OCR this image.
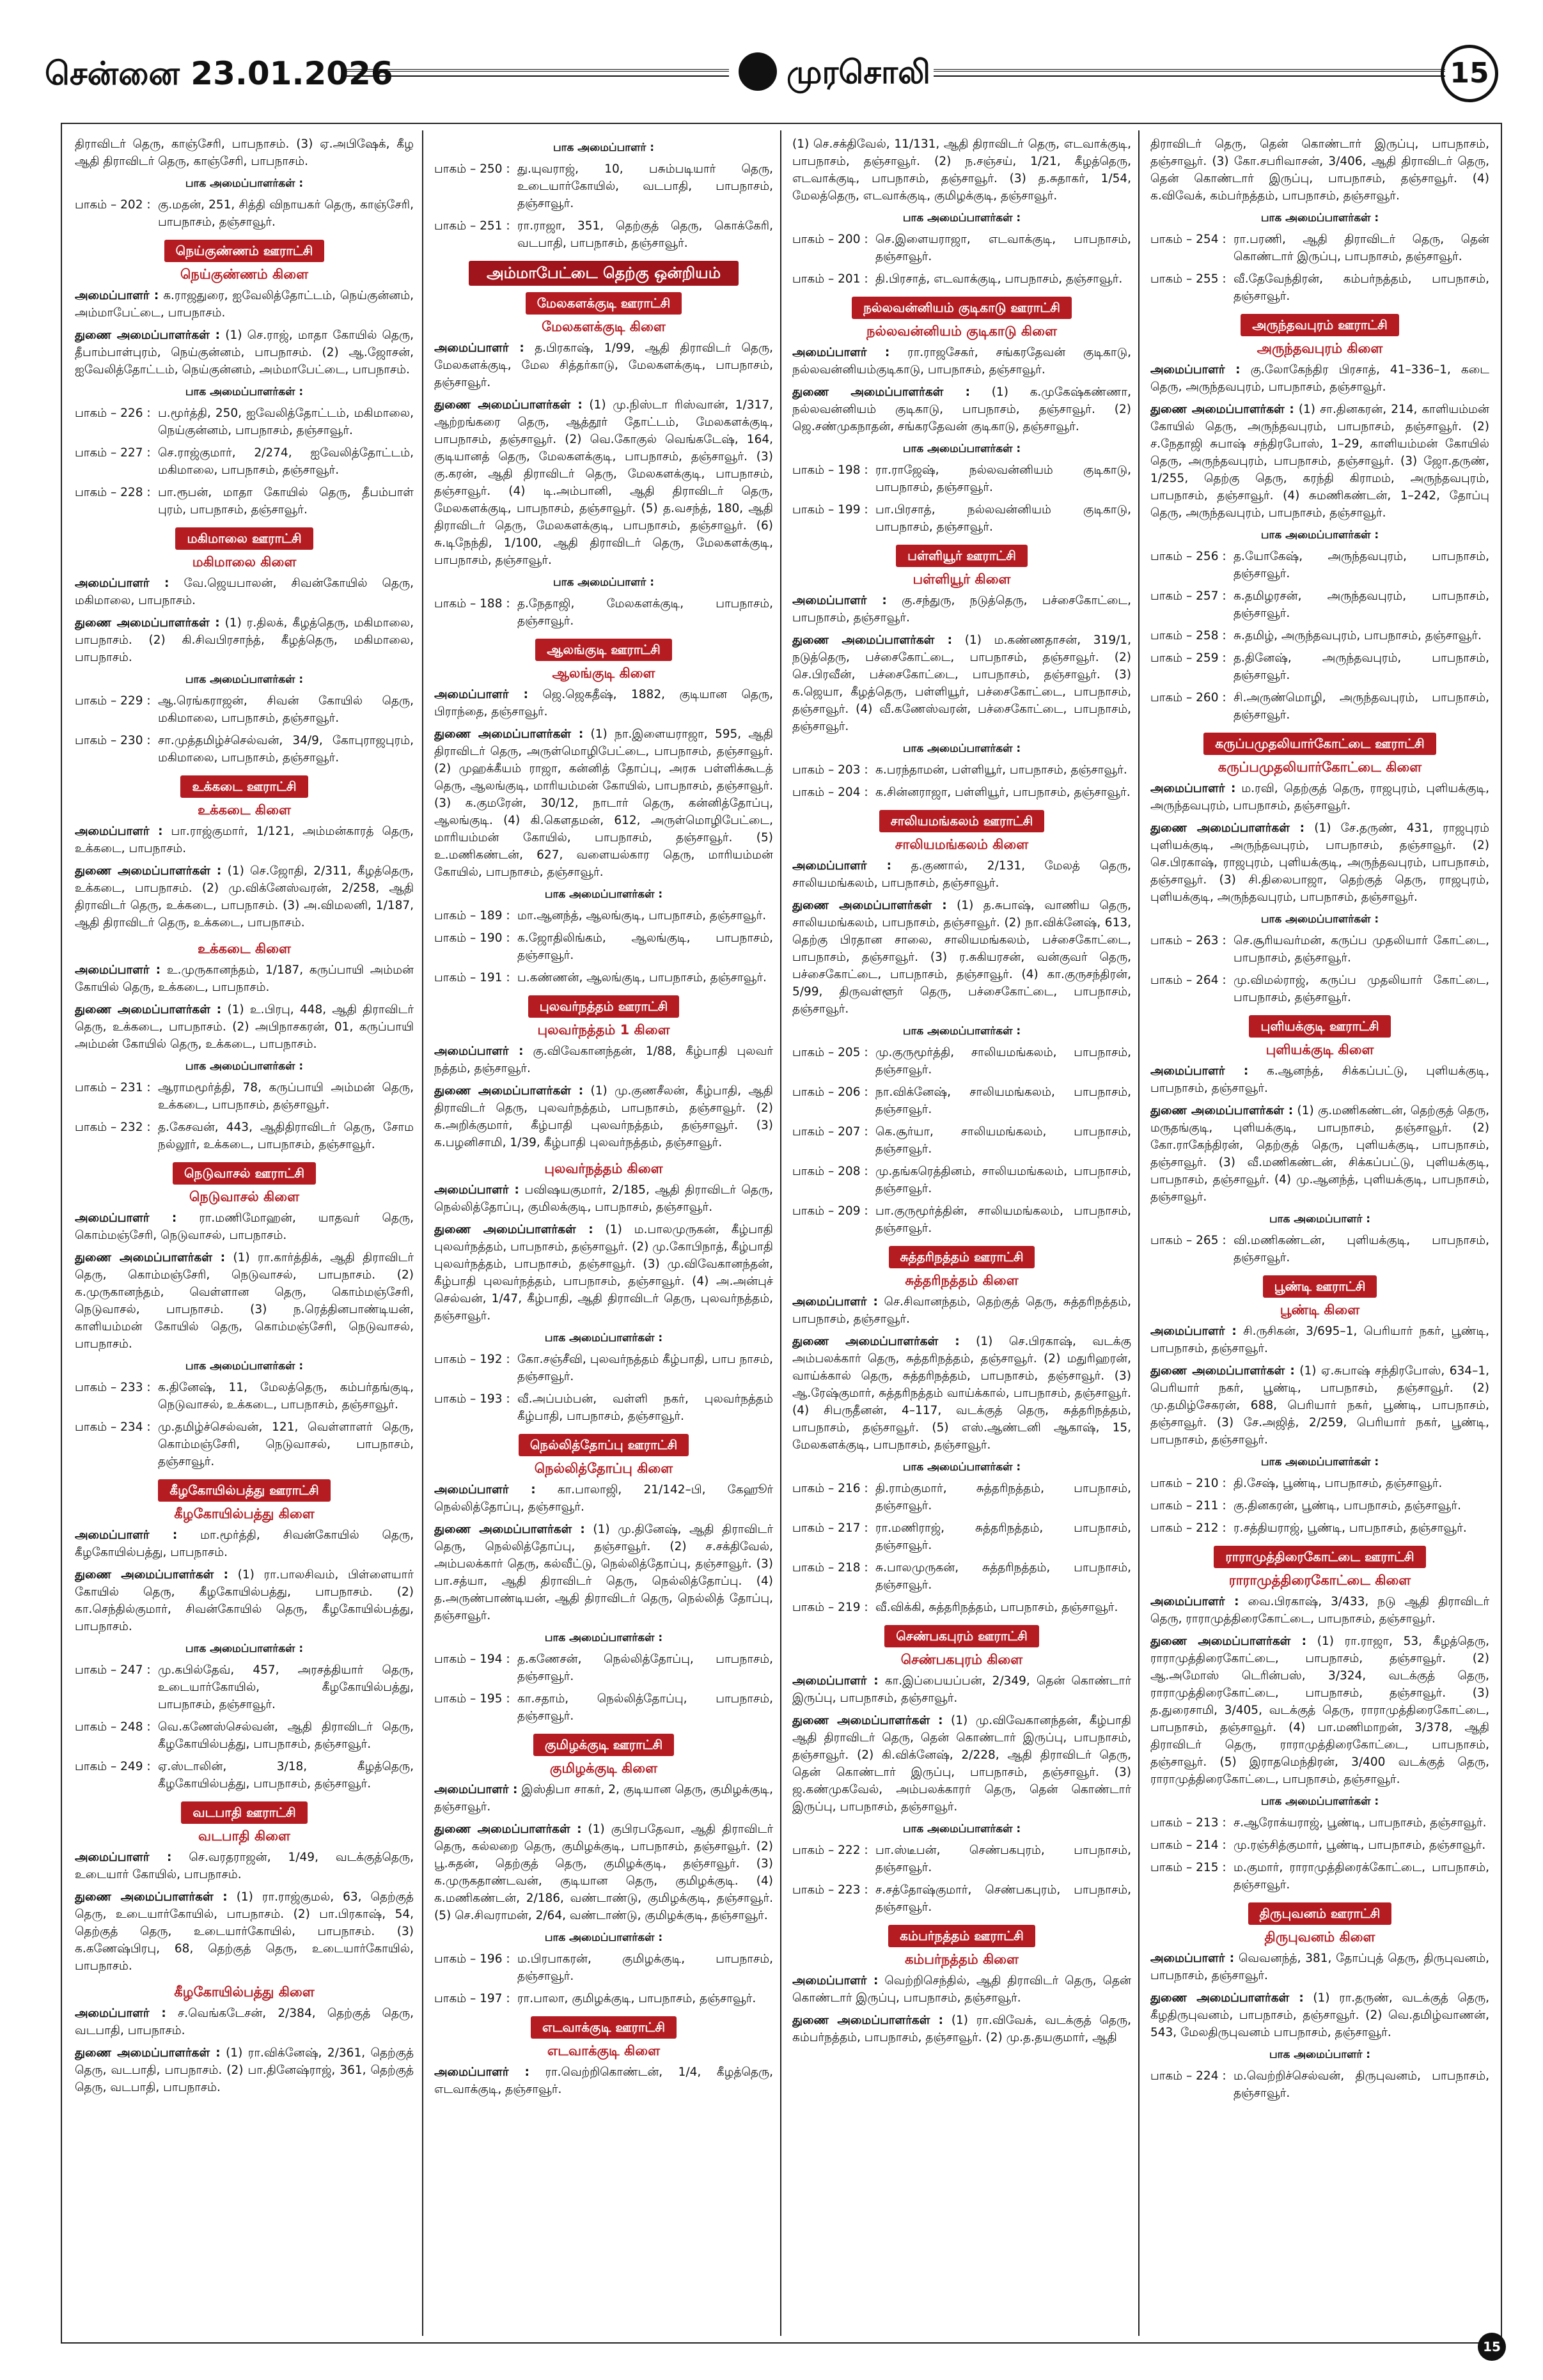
சென்னை 23.01.2026	முரசொலி	15
திராவிடர் தெரு, காஞ்சேரி, பாபநாசம். (3) ஏ.அபிஷேக், கீழ ஆதி திராவிடர் தெரு, காஞ்சேரி, பாபநாசம்.
பாக அமைப்பாளர்கள் :
பாகம் – 202 : கு.மதன், 251, சித்தி விநாயகர் தெரு, காஞ்சேரி, பாபநாசம், தஞ்சாவூர்.
நெய்குண்ணம் ஊராட்சி
நெய்குண்ணம் கிளை
அமைப்பாளர் : க.ராஜதுரை, ஐவேலித்தோட்டம், நெய்குன்னம், அம்மாபேட்டை, பாபநாசம்.
துணை அமைப்பாளர்கள் : (1) செ.ராஜ், மாதா கோயில் தெரு, தீபாம்பாள்புரம், நெய்குன்னம், பாபநாசம். (2) ஆ.ஜோசன், ஐவேலித்தோட்டம், நெய்குன்னம், அம்மாபேட்டை, பாபநாசம்.
பாக அமைப்பாளர்கள் :
பாகம் – 226 : ப.மூர்த்தி, 250, ஐவேலித்தோட்டம், மகிமாலை, நெய்குன்னம், பாபநாசம், தஞ்சாவூர்.
பாகம் – 227 : செ.ராஜ்குமார், 2/274, ஐவேலித்தோட்டம், மகிமாலை, பாபநாசம், தஞ்சாவூர்.
பாகம் – 228 : பா.ரூபன், மாதா கோயில் தெரு, தீபம்பாள் புரம், பாபநாசம், தஞ்சாவூர்.
மகிமாலை ஊராட்சி
மகிமாலை கிளை
அமைப்பாளர் : வே.ஜெயபாலன், சிவன்கோயில் தெரு, மகிமாலை, பாபநாசம்.
துணை அமைப்பாளர்கள் : (1) ர.திலக், கீழத்தெரு, மகிமாலை, பாபநாசம். (2) கி.சிவபிரசாந்த், கீழத்தெரு, மகிமாலை, பாபநாசம்.
பாக அமைப்பாளர்கள் :
பாகம் – 229 : ஆ.ரெங்கராஜன், சிவன் கோயில் தெரு, மகிமாலை, பாபநாசம், தஞ்சாவூர்.
பாகம் – 230 : சா.முத்தமிழ்ச்செல்வன், 34/9, கோபுராஜபுரம், மகிமாலை, பாபநாசம், தஞ்சாவூர்.
உக்கடை ஊராட்சி
உக்கடை கிளை
அமைப்பாளர் : பா.ராஜ்குமார், 1/121, அம்மன்காரத் தெரு, உக்கடை, பாபநாசம்.
துணை அமைப்பாளர்கள் : (1) செ.ஜோதி, 2/311, கீழத்தெரு, உக்கடை, பாபநாசம். (2) மு.விக்னேஸ்வரன், 2/258, ஆதி திராவிடர் தெரு, உக்கடை, பாபநாசம். (3) அ.விமலனி, 1/187, ஆதி திராவிடர் தெரு, உக்கடை, பாபநாசம்.
உக்கடை கிளை
அமைப்பாளர் : உ.முருகானந்தம், 1/187, கருப்பாயி அம்மன் கோயில் தெரு, உக்கடை, பாபநாசம்.
துணை அமைப்பாளர்கள் : (1) உ.பிரபு, 448, ஆதி திராவிடர் தெரு, உக்கடை, பாபநாசம். (2) அபிநாசகரன், 01, கருப்பாயி அம்மன் கோயில் தெரு, உக்கடை, பாபநாசம்.
பாக அமைப்பாளர்கள் :
பாகம் – 231 : ஆராமமூர்த்தி, 78, கருப்பாயி அம்மன் தெரு, உக்கடை, பாபநாசம், தஞ்சாவூர்.
பாகம் – 232 : த.கேசவன், 443, ஆதிதிராவிடர் தெரு, சோம நல்லூர், உக்கடை, பாபநாசம், தஞ்சாவூர்.
நெடுவாசல் ஊராட்சி
நெடுவாசல் கிளை
அமைப்பாளர் : ரா.மணிமோஹன், யாதவர் தெரு, கொம்மஞ்சேரி, நெடுவாசல், பாபநாசம்.
துணை அமைப்பாளர்கள் : (1) ரா.கார்த்திக், ஆதி திராவிடர் தெரு, கொம்மஞ்சேரி, நெடுவாசல், பாபநாசம். (2) க.முருகானந்தம், வெள்ளான தெரு, கொம்மஞ்சேரி, நெடுவாசல், பாபநாசம். (3) ந.ரெத்தினபாண்டியன், காளியம்மன் கோயில் தெரு, கொம்மஞ்சேரி, நெடுவாசல், பாபநாசம்.
பாக அமைப்பாளர்கள் :
பாகம் – 233 : க.தினேஷ், 11, மேலத்தெரு, கம்பர்தங்குடி, நெடுவாசல், உக்கடை, பாபநாசம், தஞ்சாவூர்.
பாகம் – 234 : மு.தமிழ்ச்செல்வன், 121, வெள்ளாளர் தெரு, கொம்மஞ்சேரி, நெடுவாசல், பாபநாசம், தஞ்சாவூர்.
கீழகோயில்பத்து ஊராட்சி
கீழகோயில்பத்து கிளை
அமைப்பாளர் : மா.மூர்த்தி, சிவன்கோயில் தெரு, கீழகோயில்பத்து, பாபநாசம்.
துணை அமைப்பாளர்கள் : (1) ரா.பாலசிவம், பிள்ளையார் கோயில் தெரு, கீழகோயில்பத்து, பாபநாசம். (2) கா.செந்தில்குமார், சிவன்கோயில் தெரு, கீழகோயில்பத்து, பாபநாசம்.
பாக அமைப்பாளர்கள் :
பாகம் – 247 : மு.கபில்தேவ், 457, அரசத்தியார் தெரு, உடையார்கோயில், கீழகோயில்பத்து, பாபநாசம், தஞ்சாவூர்.
பாகம் – 248 : வெ.கணேஸ்செல்வன், ஆதி திராவிடர் தெரு, கீழகோயில்பத்து, பாபநாசம், தஞ்சாவூர்.
பாகம் – 249 : ஏ.ஸ்டாலின், 3/18, கீழத்தெரு, கீழகோயில்பத்து, பாபநாசம், தஞ்சாவூர்.
வடபாதி ஊராட்சி
வடபாதி கிளை
அமைப்பாளர் : செ.வரதராஜன், 1/49, வடக்குத்தெரு, உடையார் கோயில், பாபநாசம்.
துணை அமைப்பாளர்கள் : (1) ரா.ராஜ்குமல், 63, தெற்குத் தெரு, உடையார்கோயில், பாபநாசம். (2) பா.பிரகாஷ், 54, தெற்குத் தெரு, உடையார்கோயில், பாபநாசம். (3) க.கணேஷ்பிரபு, 68, தெற்குத் தெரு, உடையார்கோயில், பாபநாசம்.
கீழகோயில்பத்து கிளை
அமைப்பாளர் : ச.வெங்கடேசன், 2/384, தெற்குத் தெரு, வடபாதி, பாபநாசம்.
துணை அமைப்பாளர்கள் : (1) ரா.விக்னேஷ், 2/361, தெற்குத் தெரு, வடபாதி, பாபநாசம். (2) பா.தினேஷ்ராஜ், 361, தெற்குத் தெரு, வடபாதி, பாபநாசம்.
பாக அமைப்பாளர் :
பாகம் – 250 : து.யுவராஜ், 10, பசும்படியார் தெரு, உடையார்கோயில், வடபாதி, பாபநாசம், தஞ்சாவூர்.
பாகம் – 251 : ரா.ராஜா, 351, தெற்குத் தெரு, கொக்கேரி, வடபாதி, பாபநாசம், தஞ்சாவூர்.
அம்மாபேட்டை தெற்கு ஒன்றியம்
மேலகளக்குடி ஊராட்சி
மேலகளக்குடி கிளை
அமைப்பாளர் : த.பிரகாஷ், 1/99, ஆதி திராவிடர் தெரு, மேலகளக்குடி, மேல சித்தர்காடு, மேலகளக்குடி, பாபநாசம், தஞ்சாவூர்.
துணை அமைப்பாளர்கள் : (1) மு.நிஸ்டா ரிஸ்வான், 1/317, ஆற்றங்கரை தெரு, ஆத்தூர் தோட்டம், மேலகளக்குடி, பாபநாசம், தஞ்சாவூர். (2) வெ.கோகுல் வெங்கடேஷ், 164, குடியானத் தெரு, மேலகளக்குடி, பாபநாசம், தஞ்சாவூர். (3) கு.கரன், ஆதி திராவிடர் தெரு, மேலகளக்குடி, பாபநாசம், தஞ்சாவூர். (4) டி.அம்பானி, ஆதி திராவிடர் தெரு, மேலகளக்குடி, பாபநாசம், தஞ்சாவூர். (5) த.வசந்த், 180, ஆதி திராவிடர் தெரு, மேலகளக்குடி, பாபநாசம், தஞ்சாவூர். (6) சு.டிநேந்தி, 1/100, ஆதி திராவிடர் தெரு, மேலகளக்குடி, பாபநாசம், தஞ்சாவூர்.
பாக அமைப்பாளர் :
பாகம் – 188 : த.நேதாஜி, மேலகளக்குடி, பாபநாசம், தஞ்சாவூர்.
ஆலங்குடி ஊராட்சி
ஆலங்குடி கிளை
அமைப்பாளர் : ஜெ.ஜெகதீஷ், 1882, குடியான தெரு, பிராந்தை, தஞ்சாவூர்.
துணை அமைப்பாளர்கள் : (1) நா.இளையராஜா, 595, ஆதி திராவிடர் தெரு, அருள்மொழிபேட்டை, பாபநாசம், தஞ்சாவூர். (2) முஹக்கீயம் ராஜா, கன்னித் தோப்பு, அரசு பள்ளிக்கூடத் தெரு, ஆலங்குடி, மாரியம்மன் கோயில், பாபநாசம், தஞ்சாவூர். (3) க.குமரேன், 30/12, நாடார் தெரு, கன்னித்தோப்பு, ஆலங்குடி. (4) கி.கௌதமன், 612, அருள்மொழிபேட்டை, மாரியம்மன் கோயில், பாபநாசம், தஞ்சாவூர். (5) உ.மணிகண்டன், 627, வளையல்கார தெரு, மாரியம்மன் கோயில், பாபநாசம், தஞ்சாவூர்.
பாக அமைப்பாளர்கள் :
பாகம் – 189 : மா.ஆனந்த், ஆலங்குடி, பாபநாசம், தஞ்சாவூர்.
பாகம் – 190 : க.ஜோதிலிங்கம், ஆலங்குடி, பாபநாசம், தஞ்சாவூர்.
பாகம் – 191 : ப.கண்ணன், ஆலங்குடி, பாபநாசம், தஞ்சாவூர்.
புலவர்நத்தம் ஊராட்சி
புலவர்நத்தம் 1 கிளை
அமைப்பாளர் : கு.விவேகானந்தன், 1/88, கீழ்பாதி புலவர் நத்தம், தஞ்சாவூர்.
துணை அமைப்பாளர்கள் : (1) மு.குணசீலன், கீழ்பாதி, ஆதி திராவிடர் தெரு, புலவர்நத்தம், பாபநாசம், தஞ்சாவூர். (2) க.அறிக்குமார், கீழ்பாதி புலவர்நத்தம், தஞ்சாவூர். (3) க.பழனிசாமி, 1/39, கீழ்பாதி புலவர்நத்தம், தஞ்சாவூர்.
புலவர்நத்தம் கிளை
அமைப்பாளர் : பவிஷயகுமார், 2/185, ஆதி திராவிடர் தெரு, நெல்லித்தோப்பு, குமிலக்குடி, பாபநாசம், தஞ்சாவூர்.
துணை அமைப்பாளர்கள் : (1) ம.பாலமுருகன், கீழ்பாதி புலவர்நத்தம், பாபநாசம், தஞ்சாவூர். (2) மு.கோபிநாத், கீழ்பாதி புலவர்நத்தம், பாபநாசம், தஞ்சாவூர். (3) மு.விவேகானந்தன், கீழ்பாதி புலவர்நத்தம், பாபநாசம், தஞ்சாவூர். (4) அ.அன்புச் செல்வன், 1/47, கீழ்பாதி, ஆதி திராவிடர் தெரு, புலவர்நத்தம், தஞ்சாவூர்.
பாக அமைப்பாளர்கள் :
பாகம் – 192 : கோ.சஞ்சீவி, புலவர்நத்தம் கீழ்பாதி, பாப நாசம், தஞ்சாவூர்.
பாகம் – 193 : வீ.அப்பம்பன், வள்ளி நகர், புலவர்நத்தம் கீழ்பாதி, பாபநாசம், தஞ்சாவூர்.
நெல்லித்தோப்பு ஊராட்சி
நெல்லித்தோப்பு கிளை
அமைப்பாளர் : கா.பாலாஜி, 21/142–பி, கேஹூர் நெல்லித்தோப்பு, தஞ்சாவூர்.
துணை அமைப்பாளர்கள் : (1) மு.தினேஷ், ஆதி திராவிடர் தெரு, நெல்லித்தோப்பு, தஞ்சாவூர். (2) ச.சக்திவேல், அம்பலக்கார் தெரு, கல்வீட்டு, நெல்லித்தோப்பு, தஞ்சாவூர். (3) பா.சத்யா, ஆதி திராவிடர் தெரு, நெல்லித்தோப்பு. (4) த.அருண்பாண்டியன், ஆதி திராவிடர் தெரு, நெல்லித் தோப்பு, தஞ்சாவூர்.
பாக அமைப்பாளர்கள் :
பாகம் – 194 : த.கணேசன், நெல்லித்தோப்பு, பாபநாசம், தஞ்சாவூர்.
பாகம் – 195 : கா.சதாம், நெல்லித்தோப்பு, பாபநாசம், தஞ்சாவூர்.
குமிழக்குடி ஊராட்சி
குமிழக்குடி கிளை
அமைப்பாளர் : இஸ்திபா சாகர், 2, குடியான தெரு, குமிழக்குடி, தஞ்சாவூர்.
துணை அமைப்பாளர்கள் : (1) குபிரபதேவா, ஆதி திராவிடர் தெரு, கல்லறை தெரு, குமிழக்குடி, பாபநாசம், தஞ்சாவூர். (2) பூ.சுதன், தெற்குத் தெரு, குமிழக்குடி, தஞ்சாவூர். (3) க.முருகதாண்டவன், குடியான தெரு, குமிழக்குடி. (4) க.மணிகண்டன், 2/186, வண்டாண்டு, குமிழக்குடி, தஞ்சாவூர். (5) செ.சிவராமன், 2/64, வண்டாண்டு, குமிழக்குடி, தஞ்சாவூர்.
பாக அமைப்பாளர்கள் :
பாகம் – 196 : ம.பிரபாகரன், குமிழக்குடி, பாபநாசம், தஞ்சாவூர்.
பாகம் – 197 : ரா.பாலா, குமிழக்குடி, பாபநாசம், தஞ்சாவூர்.
எடவாக்குடி ஊராட்சி
எடவாக்குடி கிளை
அமைப்பாளர் : ரா.வெற்றிகொண்டன், 1/4, கீழத்தெரு, எடவாக்குடி, தஞ்சாவூர்.
(1) செ.சக்திவேல், 11/131, ஆதி திராவிடர் தெரு, எடவாக்குடி, பாபநாசம், தஞ்சாவூர். (2) ந.சஞ்சய், 1/21, கீழத்தெரு, எடவாக்குடி, பாபநாசம், தஞ்சாவூர். (3) த.சுதாகர், 1/54, மேலத்தெரு, எடவாக்குடி, குமிழக்குடி, தஞ்சாவூர்.
பாக அமைப்பாளர்கள் :
பாகம் – 200 : செ.இளையராஜா, எடவாக்குடி, பாபநாசம், தஞ்சாவூர்.
பாகம் – 201 : தி.பிரசாத், எடவாக்குடி, பாபநாசம், தஞ்சாவூர்.
நல்லவன்னியம் குடிகாடு ஊராட்சி
நல்லவன்னியம் குடிகாடு கிளை
அமைப்பாளர் : ரா.ராஜசேகர், சங்கரதேவன் குடிகாடு, நல்லவன்னியம்குடிகாடு, பாபநாசம், தஞ்சாவூர்.
துணை அமைப்பாளர்கள் : (1) க.முகேஷ்கண்ணா, நல்லவன்னியம் குடிகாடு, பாபநாசம், தஞ்சாவூர். (2) ஜெ.சண்முகநாதன், சங்கரதேவன் குடிகாடு, தஞ்சாவூர்.
பாக அமைப்பாளர்கள் :
பாகம் – 198 : ரா.ராஜேஷ், நல்லவன்னியம் குடிகாடு, பாபநாசம், தஞ்சாவூர்.
பாகம் – 199 : பா.பிரசாத், நல்லவன்னியம் குடிகாடு, பாபநாசம், தஞ்சாவூர்.
பள்ளியூர் ஊராட்சி
பள்ளியூர் கிளை
அமைப்பாளர் : கு.சந்துரு, நடுத்தெரு, பச்சைகோட்டை, பாபநாசம், தஞ்சாவூர்.
துணை அமைப்பாளர்கள் : (1) ம.கண்ணதாசன், 319/1, நடுத்தெரு, பச்சைகோட்டை, பாபநாசம், தஞ்சாவூர். (2) செ.பிரவீன், பச்சைகோட்டை, பாபநாசம், தஞ்சாவூர். (3) க.ஜெயா, கீழத்தெரு, பள்ளியூர், பச்சைகோட்டை, பாபநாசம், தஞ்சாவூர். (4) வீ.கணேஸ்வரன், பச்சைகோட்டை, பாபநாசம், தஞ்சாவூர்.
பாக அமைப்பாளர்கள் :
பாகம் – 203 : க.பரந்தாமன், பள்ளியூர், பாபநாசம், தஞ்சாவூர்.
பாகம் – 204 : க.சின்னராஜா, பள்ளியூர், பாபநாசம், தஞ்சாவூர்.
சாலியமங்கலம் ஊராட்சி
சாலியமங்கலம் கிளை
அமைப்பாளர் : த.குணால், 2/131, மேலத் தெரு, சாலியமங்கலம், பாபநாசம், தஞ்சாவூர்.
துணை அமைப்பாளர்கள் : (1) த.சுபாஷ், வாணிய தெரு, சாலியமங்கலம், பாபநாசம், தஞ்சாவூர். (2) நா.விக்னேஷ், 613, தெற்கு பிரதான சாலை, சாலியமங்கலம், பச்சைகோட்டை, பாபநாசம், தஞ்சாவூர். (3) ர.சுகியரசன், வன்குவர் தெரு, பச்சைகோட்டை, பாபநாசம், தஞ்சாவூர். (4) கா.குருசந்திரன், 5/99, திருவள்ளூர் தெரு, பச்சைகோட்டை, பாபநாசம், தஞ்சாவூர்.
பாக அமைப்பாளர்கள் :
பாகம் – 205 : மு.குருமூர்த்தி, சாலியமங்கலம், பாபநாசம், தஞ்சாவூர்.
பாகம் – 206 : நா.விக்னேஷ், சாலியமங்கலம், பாபநாசம், தஞ்சாவூர்.
பாகம் – 207 : கெ.சூர்யா, சாலியமங்கலம், பாபநாசம், தஞ்சாவூர்.
பாகம் – 208 : மு.தங்கரெத்தினம், சாலியமங்கலம், பாபநாசம், தஞ்சாவூர்.
பாகம் – 209 : பா.குருமூர்த்தின், சாலியமங்கலம், பாபநாசம், தஞ்சாவூர்.
சுத்தரிநத்தம் ஊராட்சி
சுத்தரிநத்தம் கிளை
அமைப்பாளர் : செ.சிவானந்தம், தெற்குத் தெரு, சுத்தரிநத்தம், பாபநாசம், தஞ்சாவூர்.
துணை அமைப்பாளர்கள் : (1) செ.பிரகாஷ், வடக்கு அம்பலக்கார் தெரு, சுத்தரிநத்தம், தஞ்சாவூர். (2) மதுரிஹரன், வாய்க்கால் தெரு, சுத்தரிநத்தம், பாபநாசம், தஞ்சாவூர். (3) ஆ.ரேஷ்குமார், சுத்தரிநத்தம் வாய்க்கால், பாபநாசம், தஞ்சாவூர். (4) சிபருதீனன், 4–117, வடக்குத் தெரு, சுத்தரிநத்தம், பாபநாசம், தஞ்சாவூர். (5) எஸ்.ஆண்டனி ஆகாஷ், 15, மேலகளக்குடி, பாபநாசம், தஞ்சாவூர்.
பாக அமைப்பாளர்கள் :
பாகம் – 216 : தி.ராம்குமார், சுத்தரிநத்தம், பாபநாசம், தஞ்சாவூர்.
பாகம் – 217 : ரா.மணிராஜ், சுத்தரிநத்தம், பாபநாசம், தஞ்சாவூர்.
பாகம் – 218 : சு.பாலமுருகன், சுத்தரிநத்தம், பாபநாசம், தஞ்சாவூர்.
பாகம் – 219 : வீ.விக்கி, சுத்தரிநத்தம், பாபநாசம், தஞ்சாவூர்.
செண்பகபுரம் ஊராட்சி
செண்பகபுரம் கிளை
அமைப்பாளர் : கா.இப்பையப்பன், 2/349, தென் கொண்டார் இருப்பு, பாபநாசம், தஞ்சாவூர்.
துணை அமைப்பாளர்கள் : (1) மு.விவேகானந்தன், கீழ்பாதி ஆதி திராவிடர் தெரு, தென் கொண்டார் இருப்பு, பாபநாசம், தஞ்சாவூர். (2) கி.விக்னேஷ், 2/228, ஆதி திராவிடர் தெரு, தென் கொண்டார் இருப்பு, பாபநாசம், தஞ்சாவூர். (3) ஜ.கண்முகவேல், அம்பலக்காரர் தெரு, தென் கொண்டார் இருப்பு, பாபநாசம், தஞ்சாவூர்.
பாக அமைப்பாளர்கள் :
பாகம் – 222 : பா.ஸ்டீபன், செண்பகபுரம், பாபநாசம், தஞ்சாவூர்.
பாகம் – 223 : ச.சத்தோஷ்குமார், செண்பகபுரம், பாபநாசம், தஞ்சாவூர்.
கம்பர்நத்தம் ஊராட்சி
கம்பர்நத்தம் கிளை
அமைப்பாளர் : வெற்றிசெந்தில், ஆதி திராவிடர் தெரு, தென் கொண்டார் இருப்பு, பாபநாசம், தஞ்சாவூர்.
துணை அமைப்பாளர்கள் : (1) ரா.விவேக், வடக்குத் தெரு, கம்பர்நத்தம், பாபநாசம், தஞ்சாவூர். (2) மு.த.தயகுமார், ஆதி
திராவிடர் தெரு, தென் கொண்டார் இருப்பு, பாபநாசம், தஞ்சாவூர். (3) கோ.சபரிவாசன், 3/406, ஆதி திராவிடர் தெரு, தென் கொண்டார் இருப்பு, பாபநாசம், தஞ்சாவூர். (4) க.விவேக், கம்பர்நத்தம், பாபநாசம், தஞ்சாவூர்.
பாக அமைப்பாளர்கள் :
பாகம் – 254 : ரா.பரணி, ஆதி திராவிடர் தெரு, தென் கொண்டார் இருப்பு, பாபநாசம், தஞ்சாவூர்.
பாகம் – 255 : வீ.தேவேந்திரன், கம்பர்நத்தம், பாபநாசம், தஞ்சாவூர்.
அருந்தவபுரம் ஊராட்சி
அருந்தவபுரம் கிளை
அமைப்பாளர் : கு.லோகேந்திர பிரசாத், 41–336–1, கடை தெரு, அருந்தவபுரம், பாபநாசம், தஞ்சாவூர்.
துணை அமைப்பாளர்கள் : (1) சா.தினகரன், 214, காளியம்மன் கோயில் தெரு, அருந்தவபுரம், பாபநாசம், தஞ்சாவூர். (2) ச.நேதாஜி சுபாஷ் சந்திரபோஸ், 1–29, காளியம்மன் கோயில் தெரு, அருந்தவபுரம், பாபநாசம், தஞ்சாவூர். (3) ஜோ.தருண், 1/255, தெற்கு தெரு, கரந்தி கிராமம், அருந்தவபுரம், பாபநாசம், தஞ்சாவூர். (4) சுமணிகண்டன், 1–242, தோப்பு தெரு, அருந்தவபுரம், பாபநாசம், தஞ்சாவூர்.
பாக அமைப்பாளர்கள் :
பாகம் – 256 : த.யோகேஷ், அருந்தவபுரம், பாபநாசம், தஞ்சாவூர்.
பாகம் – 257 : க.தமிழரசன், அருந்தவபுரம், பாபநாசம், தஞ்சாவூர்.
பாகம் – 258 : சு.தமிழ், அருந்தவபுரம், பாபநாசம், தஞ்சாவூர்.
பாகம் – 259 : த.தினேஷ், அருந்தவபுரம், பாபநாசம், தஞ்சாவூர்.
பாகம் – 260 : சி.அருண்மொழி, அருந்தவபுரம், பாபநாசம், தஞ்சாவூர்.
கருப்பமுதலியார்கோட்டை ஊராட்சி
கருப்பமுதலியார்கோட்டை கிளை
அமைப்பாளர் : ம.ரவி, தெற்குத் தெரு, ராஜபுரம், புளியக்குடி, அருந்தவபுரம், பாபநாசம், தஞ்சாவூர்.
துணை அமைப்பாளர்கள் : (1) சே.தருண், 431, ராஜபுரம் புளியக்குடி, அருந்தவபுரம், பாபநாசம், தஞ்சாவூர். (2) செ.பிரகாஷ், ராஜபுரம், புளியக்குடி, அருந்தவபுரம், பாபநாசம், தஞ்சாவூர். (3) சி.திலைபாஜா, தெற்குத் தெரு, ராஜபுரம், புளியக்குடி, அருந்தவபுரம், பாபநாசம், தஞ்சாவூர்.
பாக அமைப்பாளர்கள் :
பாகம் – 263 : செ.சூரியவர்மன், கருப்ப முதலியார் கோட்டை, பாபநாசம், தஞ்சாவூர்.
பாகம் – 264 : மு.விமல்ராஜ், கருப்ப முதலியார் கோட்டை, பாபநாசம், தஞ்சாவூர்.
புளியக்குடி ஊராட்சி
புளியக்குடி கிளை
அமைப்பாளர் : க.ஆனந்த், சிக்கப்பட்டு, புளியக்குடி, பாபநாசம், தஞ்சாவூர்.
துணை அமைப்பாளர்கள் : (1) கு.மணிகண்டன், தெற்குத் தெரு, மருதங்குடி, புளியக்குடி, பாபநாசம், தஞ்சாவூர். (2) கோ.ராகேந்திரன், தெற்குத் தெரு, புளியக்குடி, பாபநாசம், தஞ்சாவூர். (3) வீ.மணிகண்டன், சிக்கப்பட்டு, புளியக்குடி, பாபநாசம், தஞ்சாவூர். (4) மு.ஆனந்த், புளியக்குடி, பாபநாசம், தஞ்சாவூர்.
பாக அமைப்பாளர் :
பாகம் – 265 : வி.மணிகண்டன், புளியக்குடி, பாபநாசம், தஞ்சாவூர்.
பூண்டி ஊராட்சி
பூண்டி கிளை
அமைப்பாளர் : சி.ருசிகன், 3/695–1, பெரியார் நகர், பூண்டி, பாபநாசம், தஞ்சாவூர்.
துணை அமைப்பாளர்கள் : (1) ஏ.சுபாஷ் சந்திரபோஸ், 634–1, பெரியார் நகர், பூண்டி, பாபநாசம், தஞ்சாவூர். (2) மு.தமிழ்சேகரன், 688, பெரியார் நகர், பூண்டி, பாபநாசம், தஞ்சாவூர். (3) சே.அஜித், 2/259, பெரியார் நகர், பூண்டி, பாபநாசம், தஞ்சாவூர்.
பாக அமைப்பாளர்கள் :
பாகம் – 210 : தி.சேஷ், பூண்டி, பாபநாசம், தஞ்சாவூர்.
பாகம் – 211 : கு.தினகரன், பூண்டி, பாபநாசம், தஞ்சாவூர்.
பாகம் – 212 : ர.சத்தியராஜ், பூண்டி, பாபநாசம், தஞ்சாவூர்.
ராராமுத்திரைகோட்டை ஊராட்சி
ராராமுத்திரைகோட்டை கிளை
அமைப்பாளர் : வை.பிரகாஷ், 3/433, நடு ஆதி திராவிடர் தெரு, ராராமுத்திரைகோட்டை, பாபநாசம், தஞ்சாவூர்.
துணை அமைப்பாளர்கள் : (1) ரா.ராஜா, 53, கீழத்தெரு, ராராமுத்திரைகோட்டை, பாபநாசம், தஞ்சாவூர். (2) ஆ.அமோஸ் டெரின்பஸ், 3/324, வடக்குத் தெரு, ராராமுத்திரைகோட்டை, பாபநாசம், தஞ்சாவூர். (3) த.துரைசாமி, 3/405, வடக்குத் தெரு, ராராமுத்திரைகோட்டை, பாபநாசம், தஞ்சாவூர். (4) பா.மணிமாறன், 3/378, ஆதி திராவிடர் தெரு, ராராமுத்திரைகோட்டை, பாபநாசம், தஞ்சாவூர். (5) இராதமெந்திரன், 3/400 வடக்குத் தெரு, ராராமுத்திரைகோட்டை, பாபநாசம், தஞ்சாவூர்.
பாக அமைப்பாளர்கள் :
பாகம் – 213 : ச.ஆரோக்யராஜ், பூண்டி, பாபநாசம், தஞ்சாவூர்.
பாகம் – 214 : மு.ரஞ்சித்குமார், பூண்டி, பாபநாசம், தஞ்சாவூர்.
பாகம் – 215 : ம.குமார், ராராமுத்திரைக்கோட்டை, பாபநாசம், தஞ்சாவூர்.
திருபுவனம் ஊராட்சி
திருபுவனம் கிளை
அமைப்பாளர் : வெவனந்த், 381, தோப்புத் தெரு, திருபுவனம், பாபநாசம், தஞ்சாவூர்.
துணை அமைப்பாளர்கள் : (1) ரா.தருண், வடக்குத் தெரு, கீழதிருபுவனம், பாபநாசம், தஞ்சாவூர். (2) வெ.தமிழ்வாணன், 543, மேலதிருபுவனம் பாபநாசம், தஞ்சாவூர்.
பாக அமைப்பாளர் :
பாகம் – 224 : ம.வெற்றிச்செல்வன், திருபுவனம், பாபநாசம், தஞ்சாவூர்.
15
